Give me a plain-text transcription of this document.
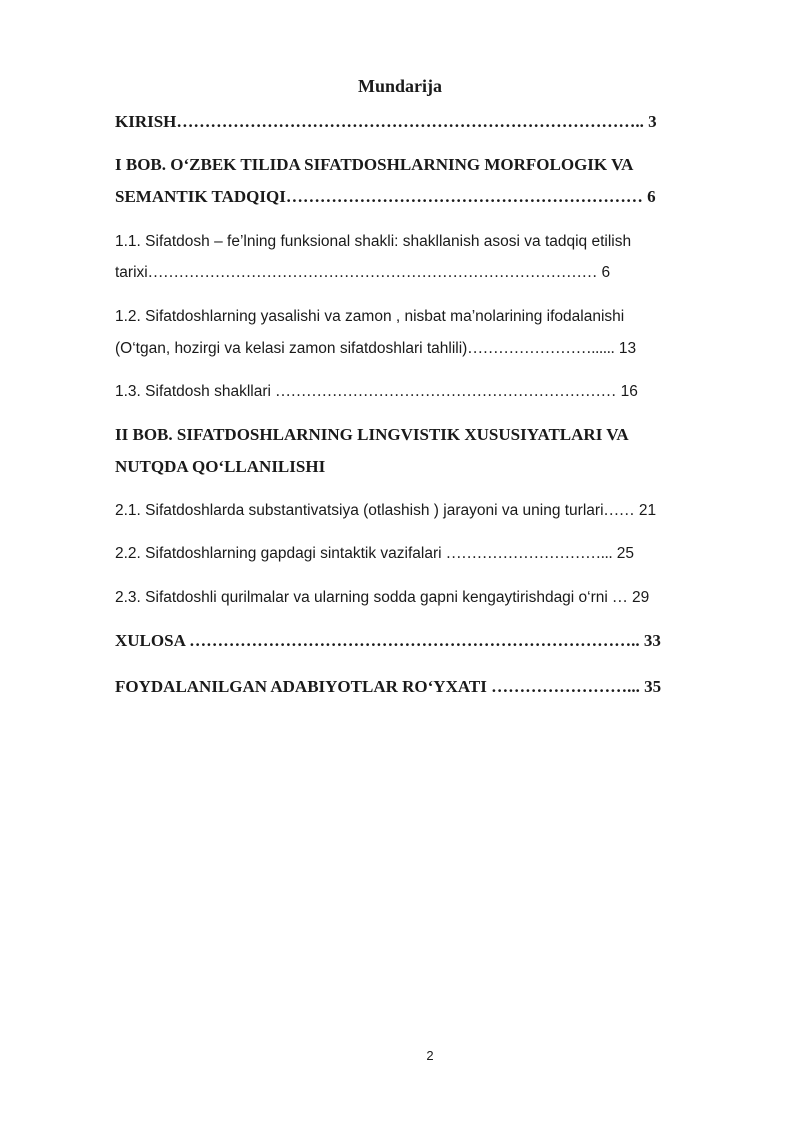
Mundarija
KIRISH……………………………………………………………………….. 3
I BOB. O‘ZBEK TILIDA SIFATDOSHLARNING MORFOLOGIK VA
SEMANTIK TADQIQI……………………………………………………… 6
1.1. Sifatdosh – fe’lning funksional shakli: shakllanish asosi va tadqiq etilish
tarixi…………………………………………………………………………… 6
1.2. Sifatdoshlarning yasalishi va zamon , nisbat ma’nolarining ifodalanishi
(O‘tgan, hozirgi va kelasi zamon sifatdoshlari tahlili)……………………...... 13
1.3. Sifatdosh shakllari ………………………………………………………… 16
II BOB. SIFATDOSHLARNING LINGVISTIK XUSUSIYATLARI VA
NUTQDA QO‘LLANILISHI
2.1. Sifatdoshlarda substantivatsiya (otlashish ) jarayoni va uning turlari…… 21
2.2. Sifatdoshlarning gapdagi sintaktik vazifalari …………………………... 25
2.3. Sifatdoshli qurilmalar va ularning sodda gapni kengaytirishdagi o‘rni … 29
XULOSA …………………………………………………………………….. 33
FOYDALANILGAN ADABIYOTLAR RO‘YXATI ……………………... 35
2
